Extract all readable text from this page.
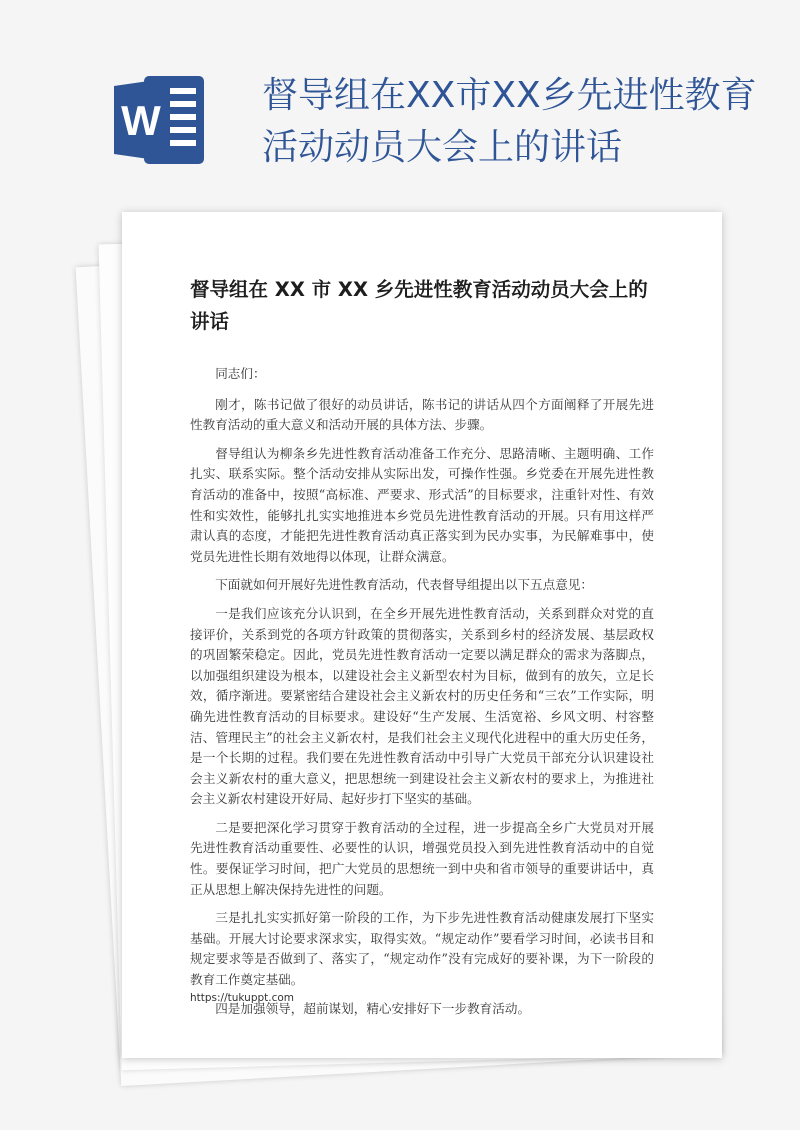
W
督导组在XX市XX乡先进性教育活动动员大会上的讲话
督导组在 XX 市 XX 乡先进性教育活动动员大会上的讲话

同志们：

刚才，陈书记做了很好的动员讲话，陈书记的讲话从四个方面阐释了开展先进性教育活动的重大意义和活动开展的具体方法、步骤。

督导组认为柳条乡先进性教育活动准备工作充分、思路清晰、主题明确、工作扎实、联系实际。整个活动安排从实际出发，可操作性强。乡党委在开展先进性教育活动的准备中，按照“高标准、严要求、形式活”的目标要求，注重针对性、有效性和实效性，能够扎扎实实地推进本乡党员先进性教育活动的开展。只有用这样严肃认真的态度，才能把先进性教育活动真正落实到为民办实事，为民解难事中，使党员先进性长期有效地得以体现，让群众满意。

下面就如何开展好先进性教育活动，代表督导组提出以下五点意见：

一是我们应该充分认识到，在全乡开展先进性教育活动，关系到群众对党的直接评价，关系到党的各项方针政策的贯彻落实，关系到乡村的经济发展、基层政权的巩固繁荣稳定。因此，党员先进性教育活动一定要以满足群众的需求为落脚点，以加强组织建设为根本，以建设社会主义新型农村为目标，做到有的放矢，立足长效，循序渐进。要紧密结合建设社会主义新农村的历史任务和“三农”工作实际，明确先进性教育活动的目标要求。建设好“生产发展、生活宽裕、乡风文明、村容整洁、管理民主”的社会主义新农村，是我们社会主义现代化进程中的重大历史任务，是一个长期的过程。我们要在先进性教育活动中引导广大党员干部充分认识建设社会主义新农村的重大意义，把思想统一到建设社会主义新农村的要求上，为推进社会主义新农村建设开好局、起好步打下坚实的基础。

二是要把深化学习贯穿于教育活动的全过程，进一步提高全乡广大党员对开展先进性教育活动重要性、必要性的认识，增强党员投入到先进性教育活动中的自觉性。要保证学习时间，把广大党员的思想统一到中央和省市领导的重要讲话中，真正从思想上解决保持先进性的问题。

三是扎扎实实抓好第一阶段的工作，为下步先进性教育活动健康发展打下坚实基础。开展大讨论要求深求实，取得实效。“规定动作”要看学习时间，必读书目和规定要求等是否做到了、落实了，“规定动作”没有完成好的要补课，为下一阶段的教育工作奠定基础。

四是加强领导，超前谋划，精心安排好下一步教育活动。

https://tukuppt.com
